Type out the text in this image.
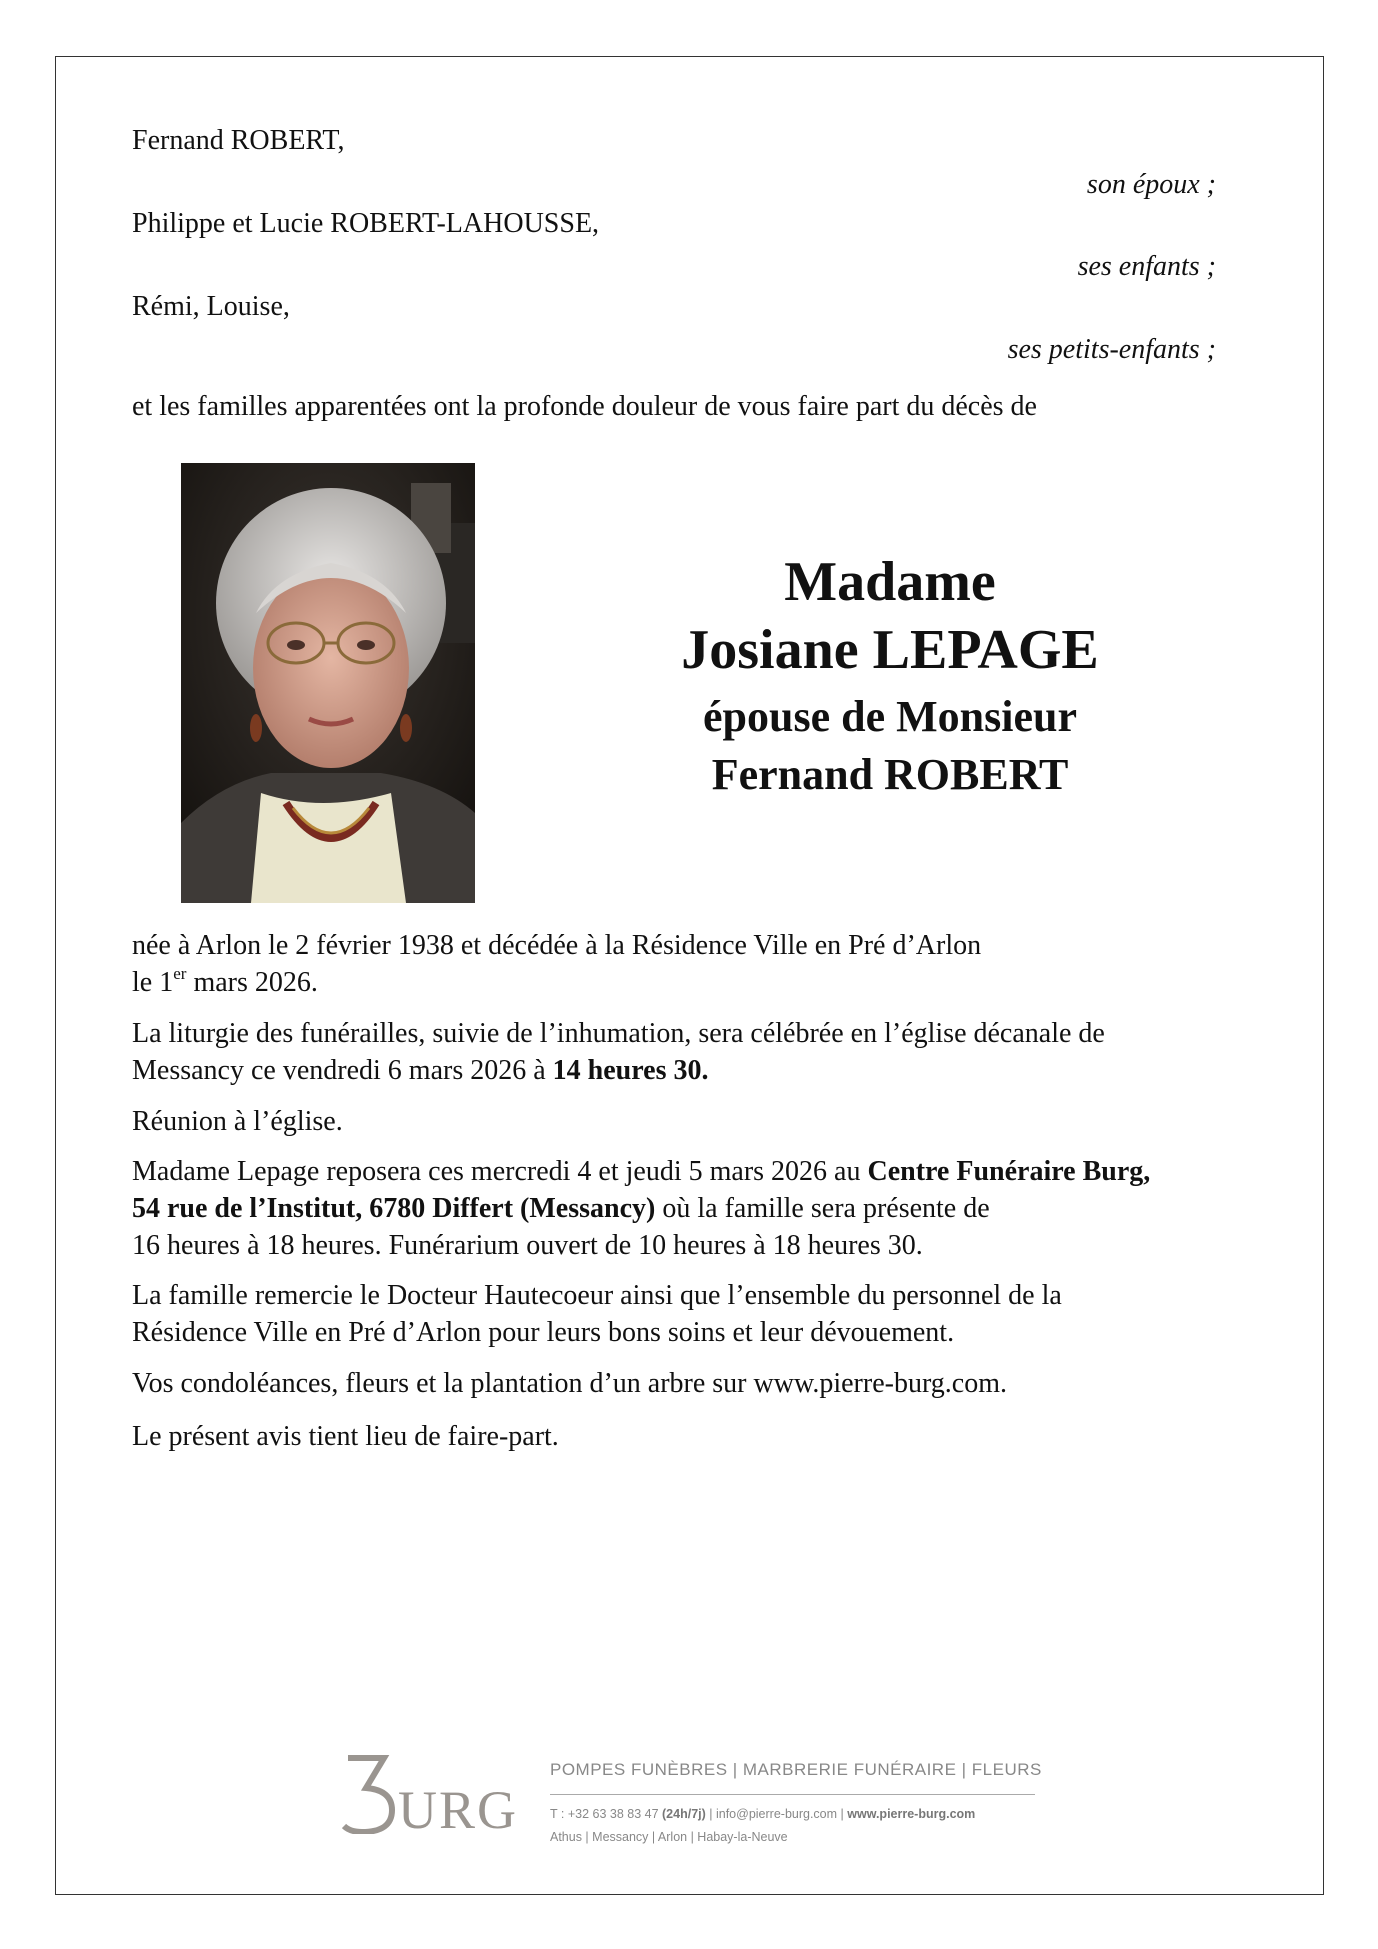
Fernand ROBERT,
son époux ;
Philippe et Lucie ROBERT-LAHOUSSE,
ses enfants ;
Rémi, Louise,
ses petits-enfants ;
et les familles apparentées ont la profonde douleur de vous faire part du décès de
Madame
Josiane LEPAGE
épouse de Monsieur
Fernand ROBERT
née à Arlon le 2 février 1938 et décédée à la Résidence Ville en Pré d’Arlon
le 1er mars 2026.
La liturgie des funérailles, suivie de l’inhumation, sera célébrée en l’église décanale de
Messancy ce vendredi 6 mars 2026 à 14 heures 30.
Réunion à l’église.
Madame Lepage reposera ces mercredi 4 et jeudi 5 mars 2026 au Centre Funéraire Burg,
54 rue de l’Institut, 6780 Differt (Messancy) où la famille sera présente de
16 heures à 18 heures. Funérarium ouvert de 10 heures à 18 heures 30.
La famille remercie le Docteur Hautecoeur ainsi que l’ensemble du personnel de la
Résidence Ville en Pré d’Arlon pour leurs bons soins et leur dévouement.
Vos condoléances, fleurs et la plantation d’un arbre sur www.pierre-burg.com.
Le présent avis tient lieu de faire-part.
URG
POMPES FUNÈBRES | MARBRERIE FUNÉRAIRE | FLEURS
T : +32 63 38 83 47 (24h/7j) | info@pierre-burg.com | www.pierre-burg.com
Athus | Messancy | Arlon | Habay-la-Neuve
